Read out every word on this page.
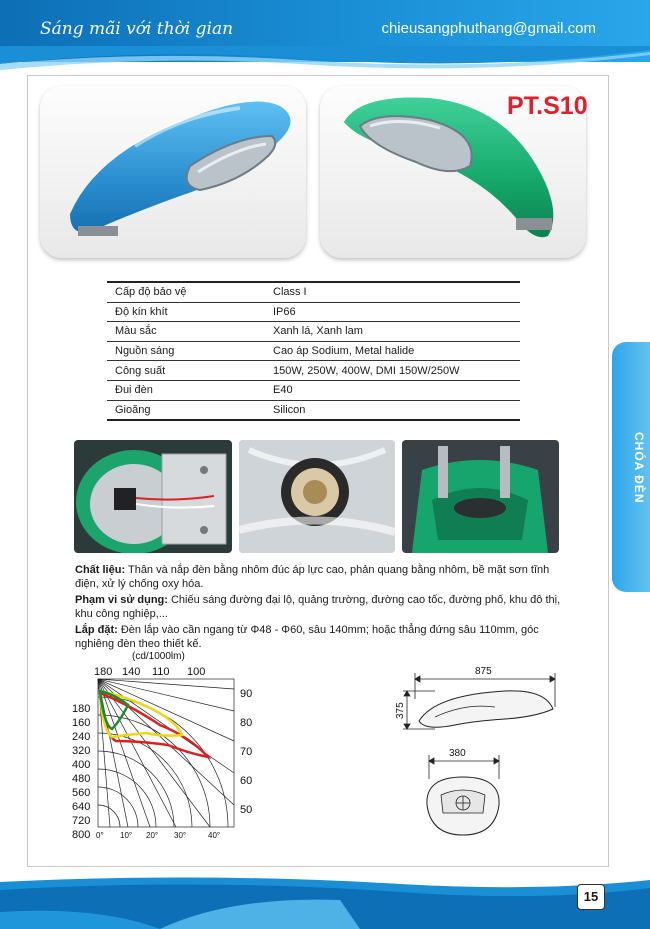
Sáng mãi với thời gian	chieusangphuthang@gmail.com
PT.S10
Cấp độ bảo vệ	Class I
Độ kín khít	IP66
Màu sắc	Xanh lá, Xanh lam
Nguồn sáng	Cao áp Sodium, Metal halide
Công suất	150W, 250W, 400W, DMI 150W/250W
Đui đèn	E40
Gioăng	Silicon
Chất liệu: Thân và nắp đèn bằng nhôm đúc áp lực cao, phản quang bằng nhôm, bề mặt sơn tĩnh điện, xử lý chống oxy hóa.
Phạm vi sử dụng: Chiếu sáng đường đại lộ, quảng trường, đường cao tốc, đường phố, khu đô thị, khu công nghiệp,...
Lắp đặt: Đèn lắp vào cần ngang từ Φ48 - Φ60, sâu 140mm; hoặc thẳng đứng sâu 110mm, góc nghiêng đèn theo thiết kế.
(cd/1000lm)
180 140 110 100
180
160
240
320
400
480
560
640
720
800
90
80
70
60
50
0° 10° 20° 30°	40°
875
375
380
CHÓA ĐÈN
15
